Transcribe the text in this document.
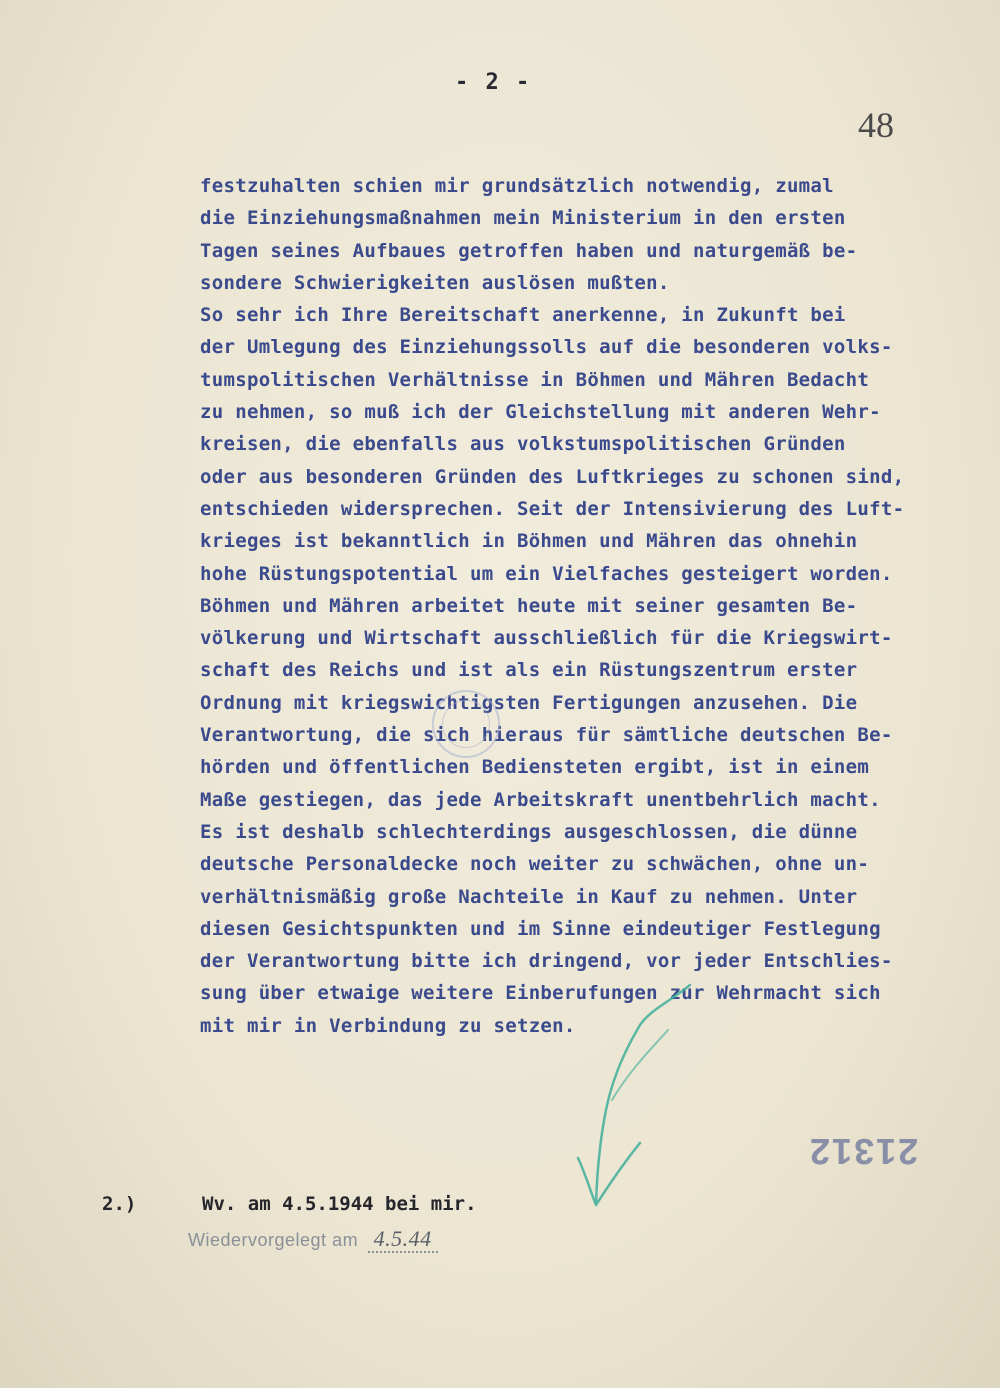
- 2 -
48
festzuhalten schien mir grundsätzlich notwendig, zumal
die Einziehungsmaßnahmen mein Ministerium in den ersten
Tagen seines Aufbaues getroffen haben und naturgemäß be-
sondere Schwierigkeiten auslösen mußten.
So sehr ich Ihre Bereitschaft anerkenne, in Zukunft bei
der Umlegung des Einziehungssolls auf die besonderen volks-
tumspolitischen Verhältnisse in Böhmen und Mähren Bedacht
zu nehmen, so muß ich der Gleichstellung mit anderen Wehr-
kreisen, die ebenfalls aus volkstumspolitischen Gründen
oder aus besonderen Gründen des Luftkrieges zu schonen sind,
entschieden widersprechen. Seit der Intensivierung des Luft-
krieges ist bekanntlich in Böhmen und Mähren das ohnehin
hohe Rüstungspotential um ein Vielfaches gesteigert worden.
Böhmen und Mähren arbeitet heute mit seiner gesamten Be-
völkerung und Wirtschaft ausschließlich für die Kriegswirt-
schaft des Reichs und ist als ein Rüstungszentrum erster
Ordnung mit kriegswichtigsten Fertigungen anzusehen. Die
Verantwortung, die sich hieraus für sämtliche deutschen Be-
hörden und öffentlichen Bediensteten ergibt, ist in einem
Maße gestiegen, das jede Arbeitskraft unentbehrlich macht.
Es ist deshalb schlechterdings ausgeschlossen, die dünne
deutsche Personaldecke noch weiter zu schwächen, ohne un-
verhältnismäßig große Nachteile in Kauf zu nehmen. Unter
diesen Gesichtspunkten und im Sinne eindeutiger Festlegung
der Verantwortung bitte ich dringend, vor jeder Entschlies-
sung über etwaige weitere Einberufungen zur Wehrmacht sich
mit mir in Verbindung zu setzen.
21312
2.)	Wv. am 4.5.1944 bei mir.
Wiedervorgelegt am 4.5.44
